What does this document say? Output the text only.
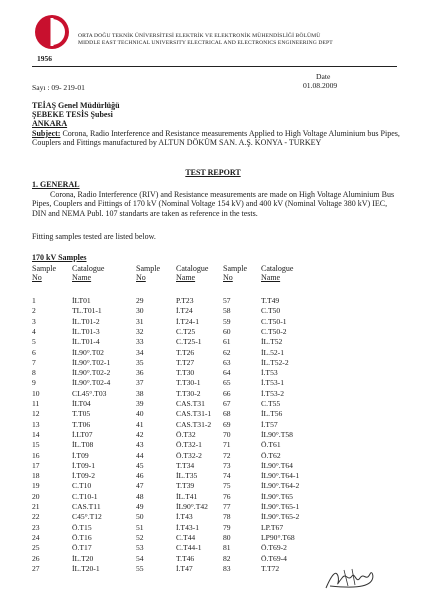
ORTA DOĞU TEKNİK ÜNİVERSİTESİ ELEKTRİK VE ELEKTRONİK MÜHENDİSLİĞİ BÖLÜMÜ
MIDDLE EAST TECHNICAL UNIVERSITY ELECTRICAL AND ELECTRONICS ENGINEERING DEPT
1956
Date
01.08.2009
Sayı : 09- 219-01
TEİAŞ Genel Müdürlüğü
ŞEBEKE TESİS Şubesi
ANKARA
Subject: Corona, Radio Interference and Resistance measurements Applied to High Voltage Aluminium bus Pipes, Couplers and Fittings manufactured by ALTUN DÖKÜM SAN. A.Ş. KONYA - TURKEY
TEST REPORT
1. GENERAL
Corona, Radio Interference (RIV) and Resistance measurements are made on High Voltage Aluminium Bus Pipes, Couplers and Fittings of 170 kV (Nominal Voltage 154 kV) and 400 kV (Nominal Voltage 380 kV) IEC, DIN and NEMA Publ. 107 standarts are taken as reference in the tests.
Fitting samples tested are listed below.
170 kV Samples
Sample
No
Catalogue
Name
1	İLT01
2	TL.T01-1
3	İL.T01-2
4	İL.T01-3
5	İL.T01-4
6	İL90°.T02
7	İL90°.T02-1
8	İL90°.T02-2
9	İL90°.T02-4
10	CL45°.T03
11	İLT04
12	T.T05
13	T.T06
14	İ.LT07
15	İL.T08
16	İ.T09
17	İ.T09-1
18	İ.T09-2
19	C.T10
20	C.T10-1
21	CAS.T11
22	C45°.T12
23	Ö.T15
24	Ö.T16
25	Ö.T17
26	İL.T20
27	İL.T20-1
Sample
No
Catalogue
Name
29	P.T23
30	İ.T24
31	İ.T24-1
32	C.T25
33	C.T25-1
34	T.T26
35	T.T27
36	T.T30
37	T.T30-1
38	T.T30-2
39	CAS.T31
40	CAS.T31-1
41	CAS.T31-2
42	Ö.T32
43	Ö.T32-1
44	Ö.T32-2
45	T.T34
46	İL.T35
47	T.T39
48	İL.T41
49	İL90°.T42
50	İ.T43
51	İ.T43-1
52	C.T44
53	C.T44-1
54	T.T46
55	İ.T47
Sample
No
Catalogue
Name
57	T.T49
58	C.T50
59	C.T50-1
60	C.T50-2
61	İL.T52
62	İL.52-1
63	İL.T52-2
64	İ.T53
65	İ.T53-1
66	İ.T53-2
67	C.T55
68	İL.T56
69	İ.T57
70	İL90°.T58
71	Ö.T61
72	Ö.T62
73	İL90°.T64
74	İL90°.T64-1
75	İL90°.T64-2
76	İL90°.T65
77	İL90°.T65-1
78	İL90°.T65-2
79	LP.T67
80	LP90°.T68
81	Ö.T69-2
82	Ö.T69-4
83	T.T72
